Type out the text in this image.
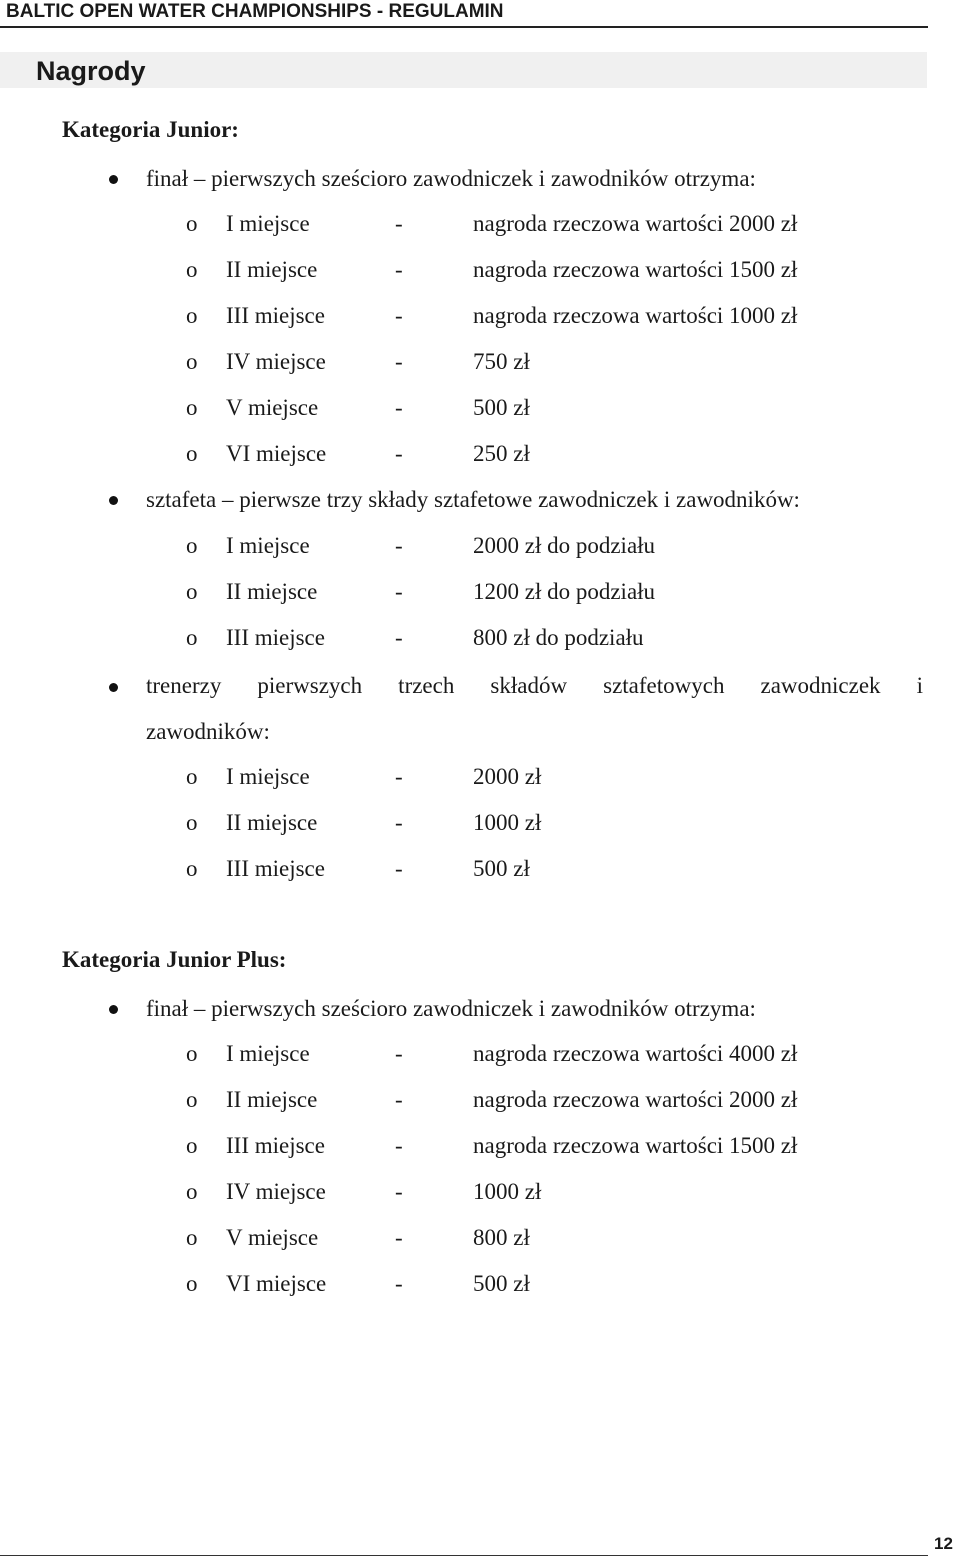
BALTIC OPEN WATER CHAMPIONSHIPS - REGULAMIN
Nagrody
Kategoria Junior:
finał – pierwszych sześcioro zawodniczek i zawodników otrzyma:
o I miejsce	-	nagroda rzeczowa wartości 2000 zł
o II miejsce	-	nagroda rzeczowa wartości 1500 zł
o III miejsce	-	nagroda rzeczowa wartości 1000 zł
o IV miejsce	-	750 zł
o V miejsce	-	500 zł
o VI miejsce	-	250 zł
sztafeta – pierwsze trzy składy sztafetowe zawodniczek i zawodników:
o I miejsce	-	2000 zł do podziału
o II miejsce	-	1200 zł do podziału
o III miejsce	-	800 zł do podziału
trenerzy pierwszych trzech składów sztafetowych zawodniczek i
zawodników:
o I miejsce	-	2000 zł
o II miejsce	-	1000 zł
o III miejsce	-	500 zł
Kategoria Junior Plus:
finał – pierwszych sześcioro zawodniczek i zawodników otrzyma:
o I miejsce	-	nagroda rzeczowa wartości 4000 zł
o II miejsce	-	nagroda rzeczowa wartości 2000 zł
o III miejsce	-	nagroda rzeczowa wartości 1500 zł
o IV miejsce	-	1000 zł
o V miejsce	-	800 zł
o VI miejsce	-	500 zł
12
